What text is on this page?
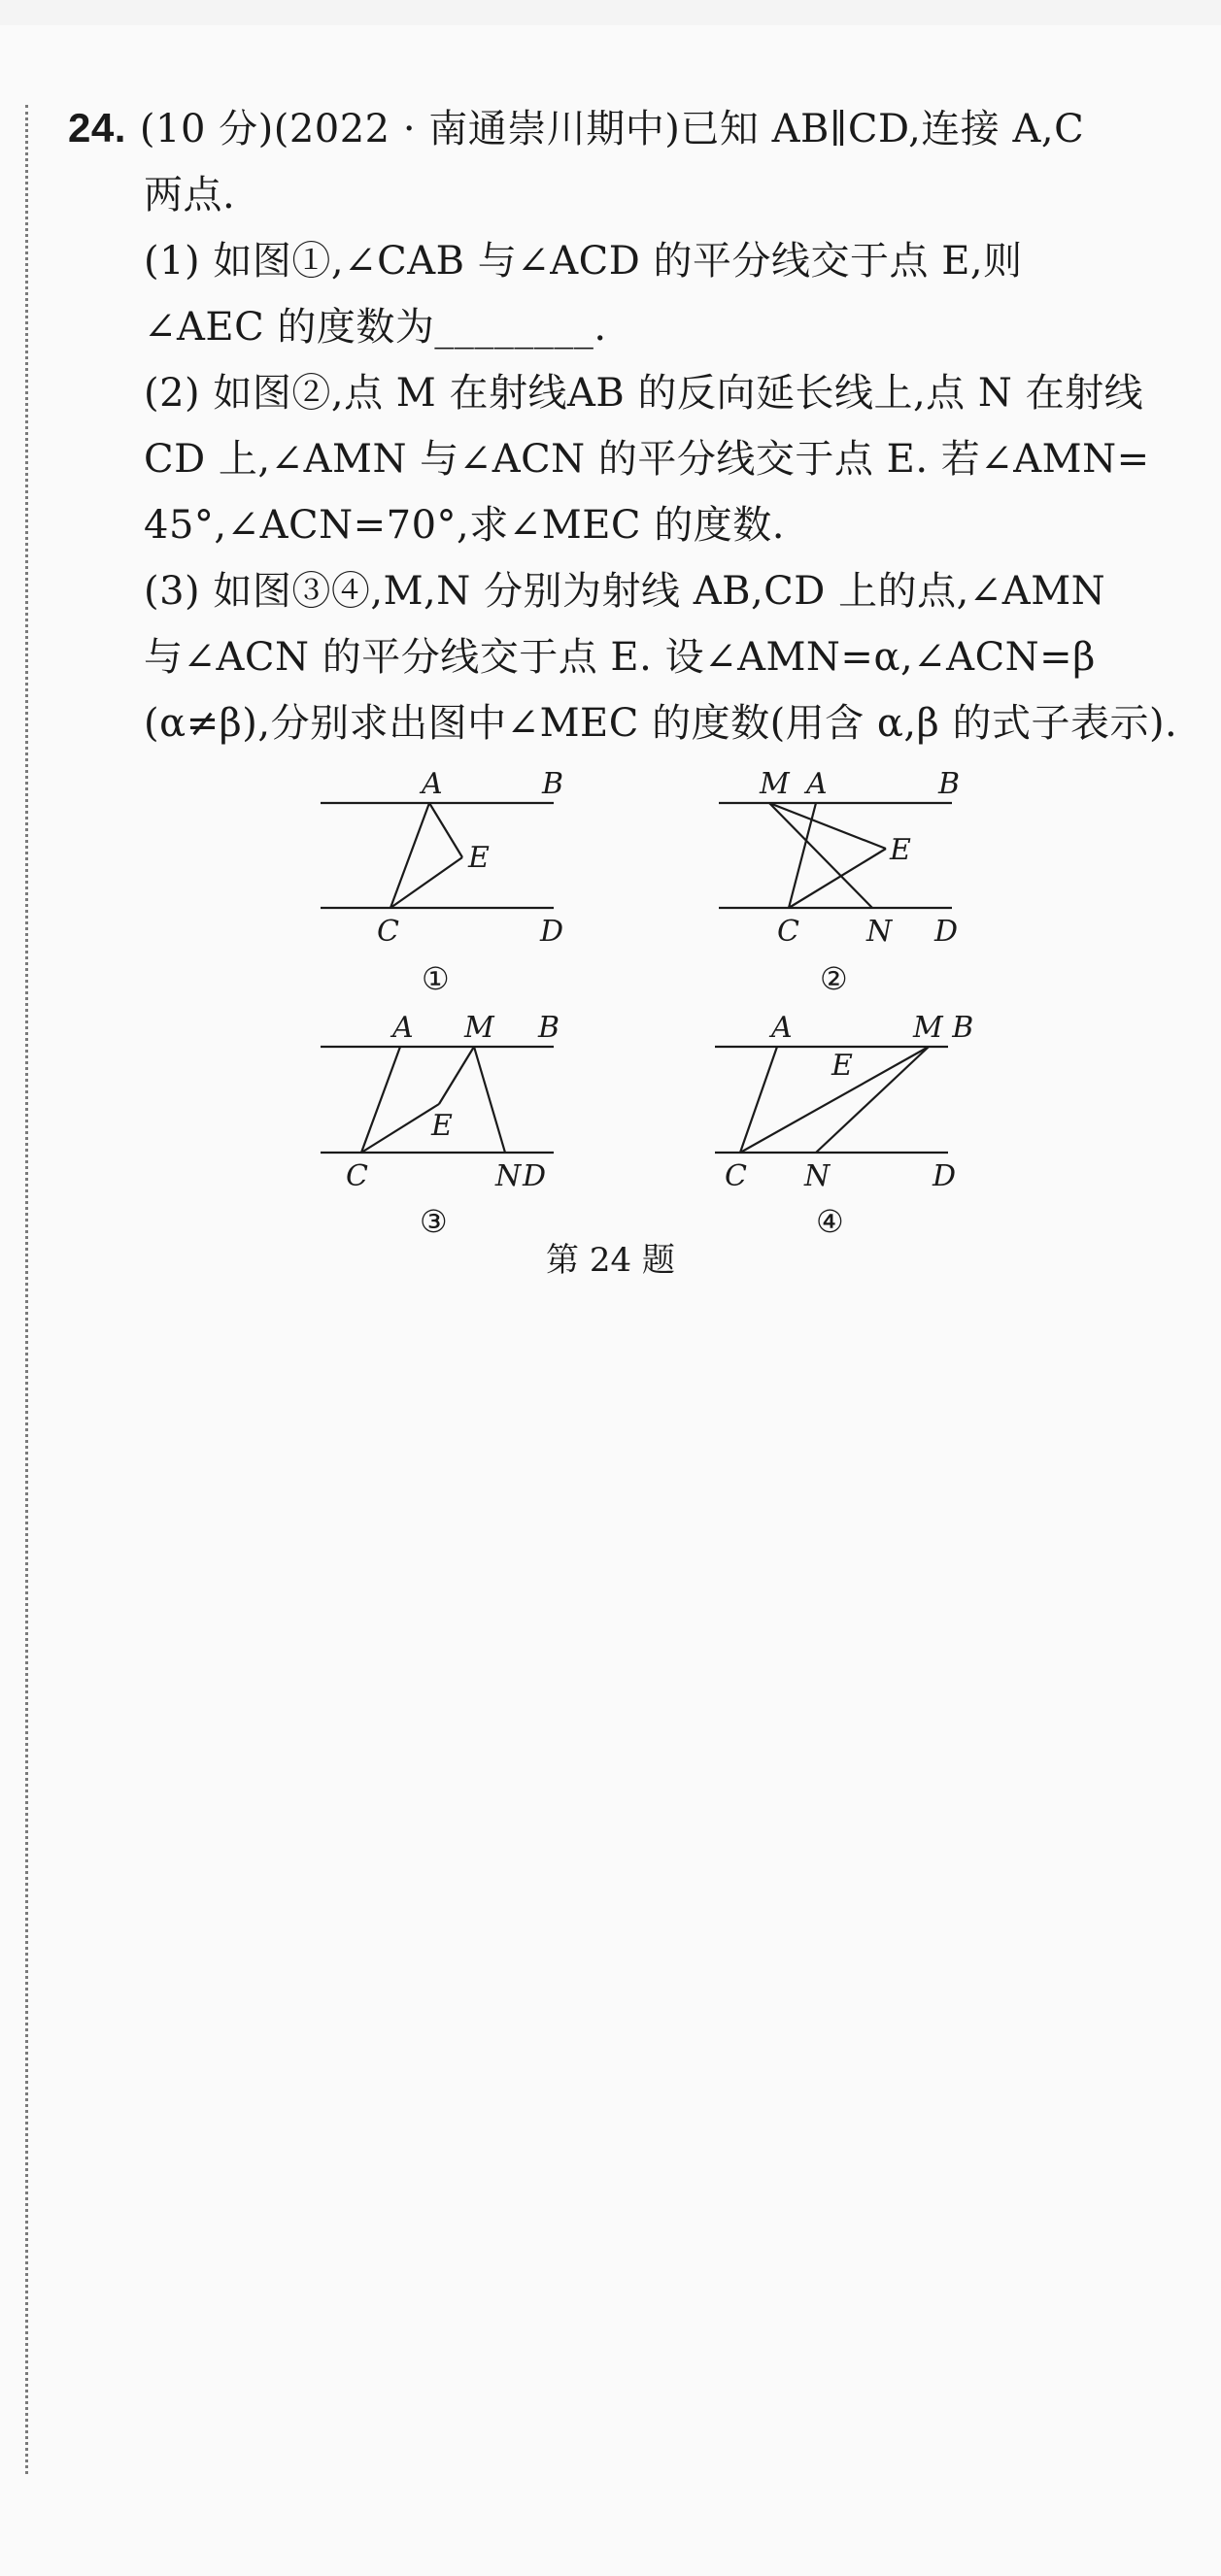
24. (10 分)(2022 · 南通崇川期中)已知 AB∥CD,连接 A,C
两点.
(1) 如图①,∠CAB 与∠ACD 的平分线交于点 E,则
∠AEC 的度数为________.
(2) 如图②,点 M 在射线AB 的反向延长线上,点 N 在射线
CD 上,∠AMN 与∠ACN 的平分线交于点 E. 若∠AMN=
45°,∠ACN=70°,求∠MEC 的度数.
(3) 如图③④,M,N 分别为射线 AB,CD 上的点,∠AMN
与∠ACN 的平分线交于点 E. 设∠AMN=α,∠ACN=β
(α≠β),分别求出图中∠MEC 的度数(用含 α,β 的式子表示).
A	B
E
C	D
①
M A	B
E
C N D
②
A M B
E
C	N D
③
A	M B
E
C N	D
④
第 24 题
